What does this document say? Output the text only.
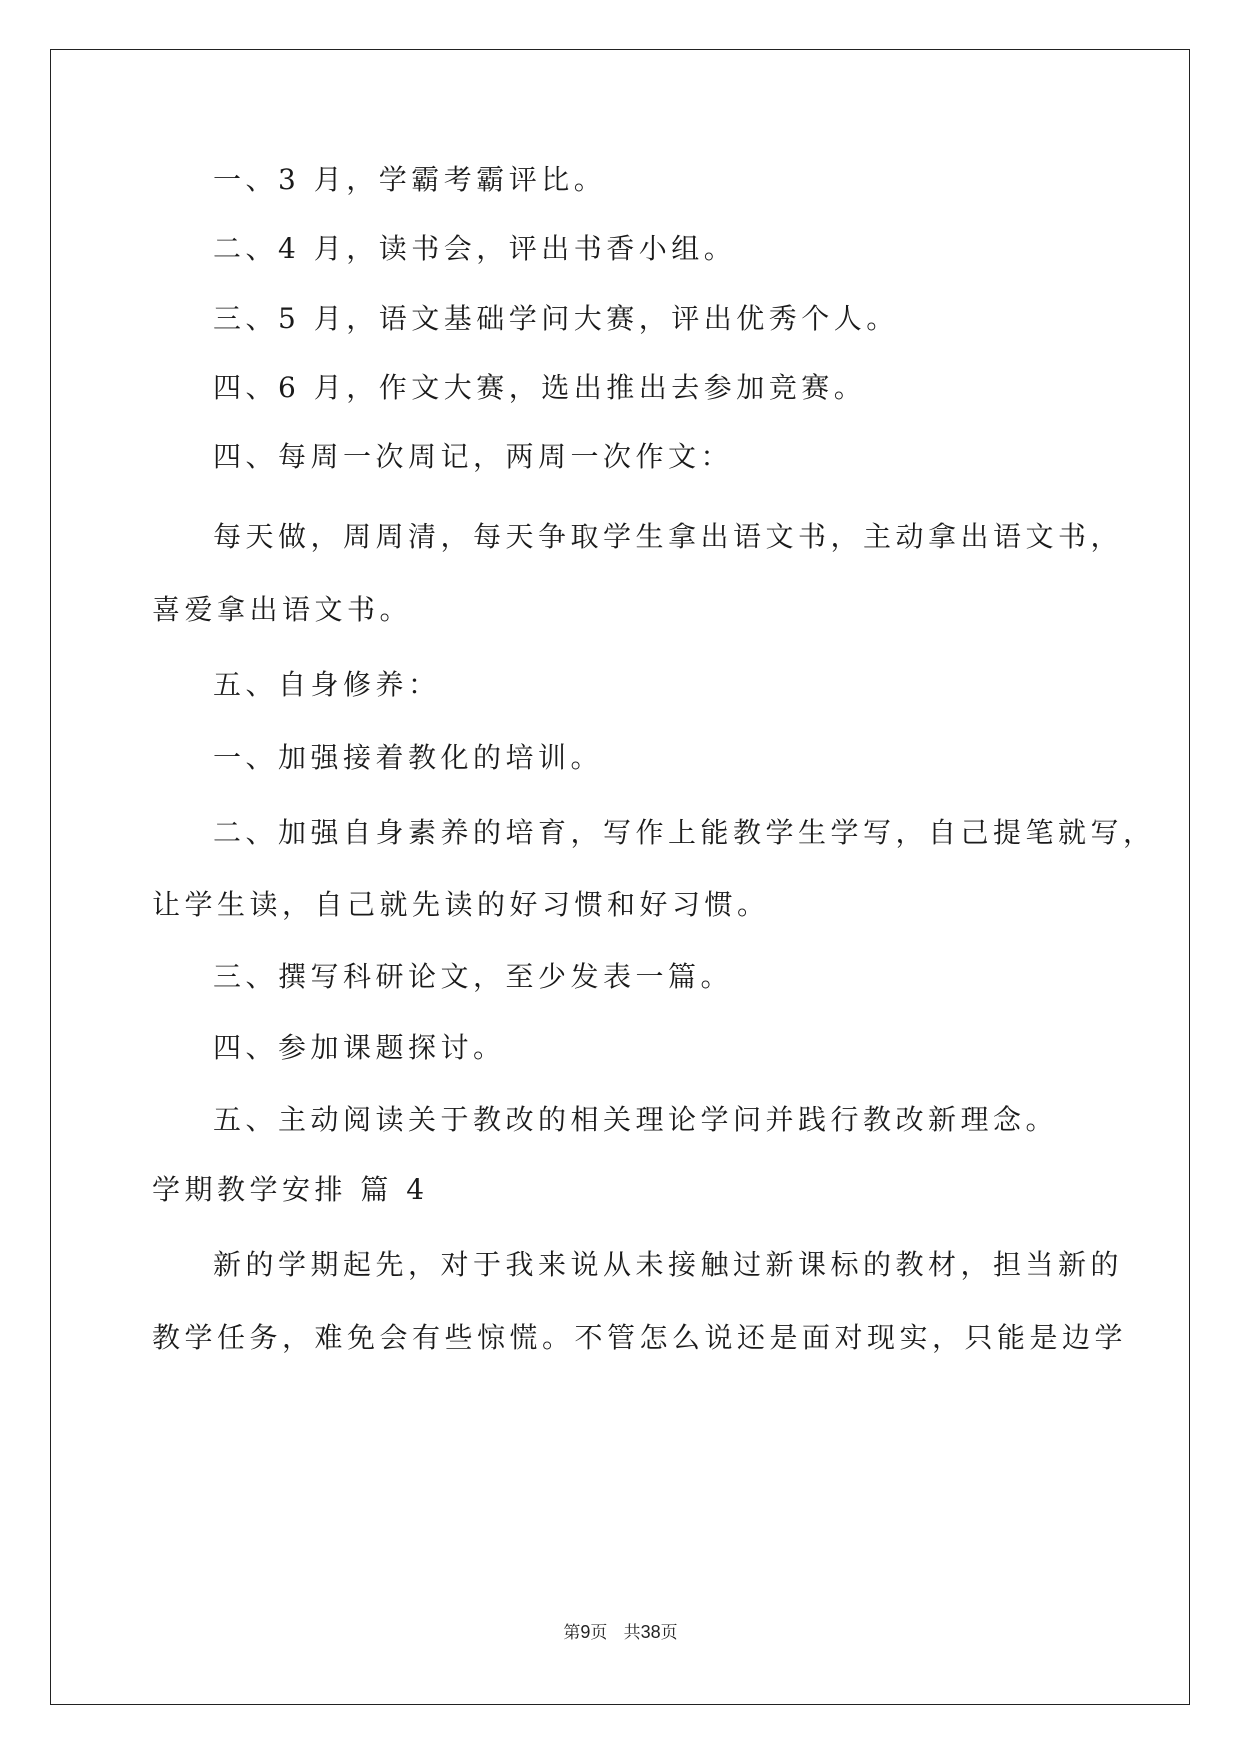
一、3 月，学霸考霸评比。
二、4 月，读书会，评出书香小组。
三、5 月，语文基础学问大赛，评出优秀个人。
四、6 月，作文大赛，选出推出去参加竞赛。
四、每周一次周记，两周一次作文：
每天做，周周清，每天争取学生拿出语文书，主动拿出语文书，
喜爱拿出语文书。
五、自身修养：
一、加强接着教化的培训。
二、加强自身素养的培育，写作上能教学生学写，自己提笔就写，
让学生读，自己就先读的好习惯和好习惯。
三、撰写科研论文，至少发表一篇。
四、参加课题探讨。
五、主动阅读关于教改的相关理论学问并践行教改新理念。
学期教学安排 篇 4
新的学期起先，对于我来说从未接触过新课标的教材，担当新的
教学任务，难免会有些惊慌。不管怎么说还是面对现实，只能是边学
第9页 共38页
